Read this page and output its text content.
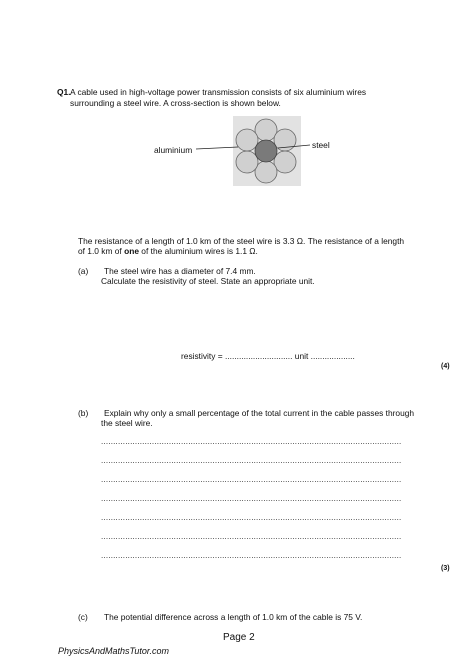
Q1. A cable used in high-voltage power transmission consists of six aluminium wires
surrounding a steel wire. A cross-section is shown below.
aluminium	steel
The resistance of a length of 1.0 km of the steel wire is 3.3 Ω. The resistance of a length
of 1.0 km of one of the aluminium wires is 1.1 Ω.
(a) The steel wire has a diameter of 7.4 mm.
Calculate the resistivity of steel. State an appropriate unit.
resistivity = ............................. unit ...................
(4)
(b) Explain why only a small percentage of the total current in the cable passes through
the steel wire.
............................................................................................................................
............................................................................................................................
............................................................................................................................
............................................................................................................................
............................................................................................................................
............................................................................................................................
............................................................................................................................
(3)
(c) The potential difference across a length of 1.0 km of the cable is 75 V.
Page 2
PhysicsAndMathsTutor.com
